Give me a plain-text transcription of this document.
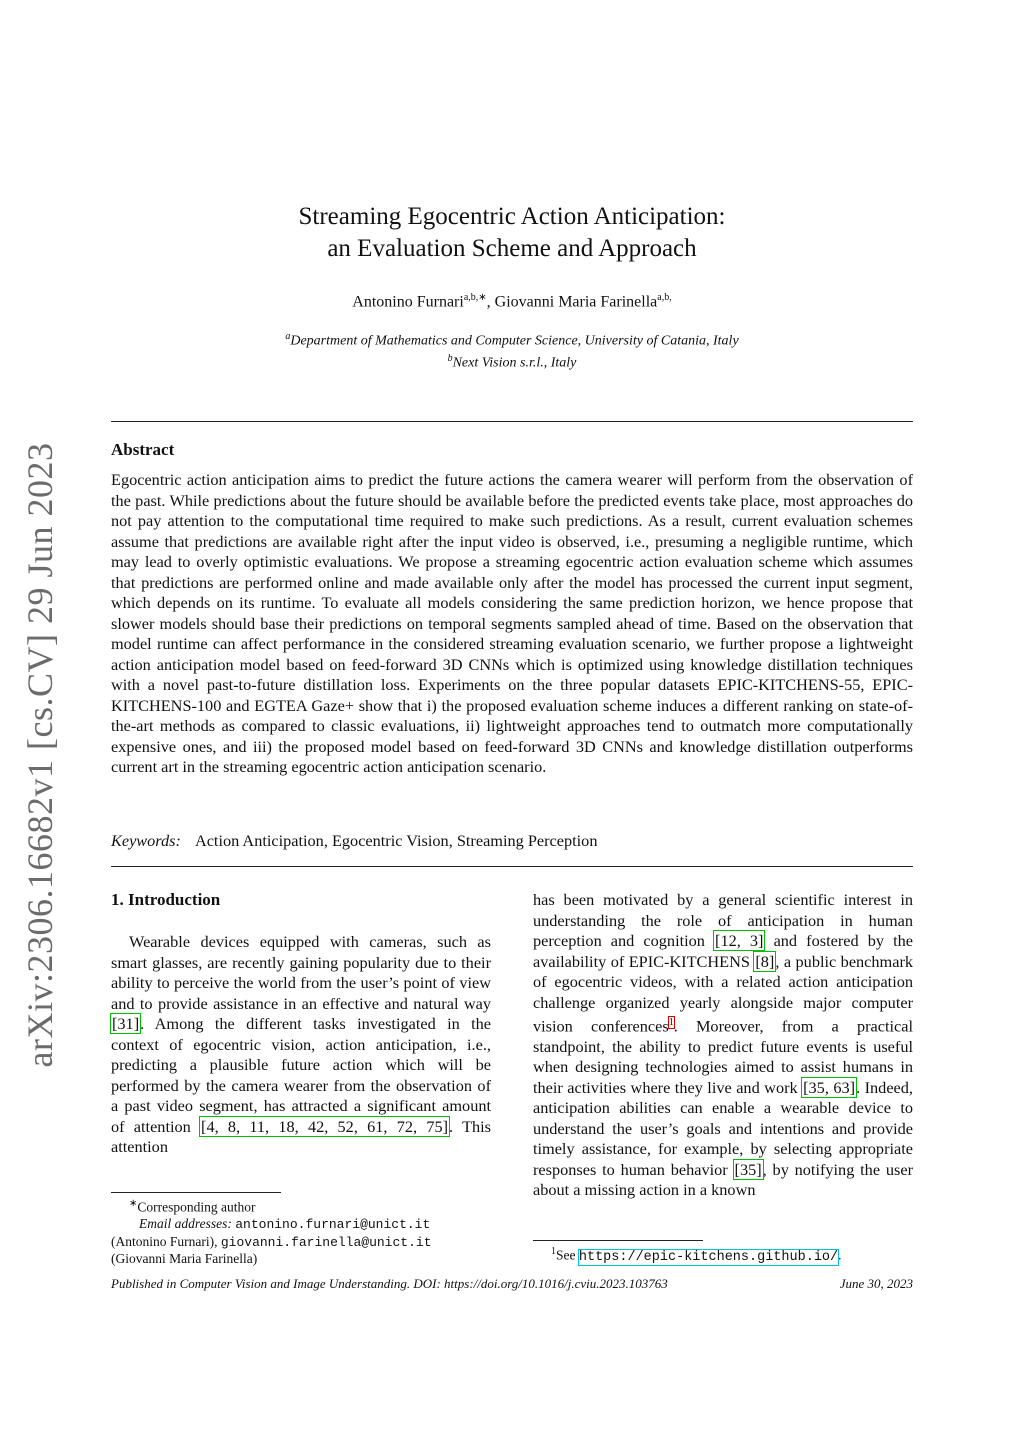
arXiv:2306.16682v1 [cs.CV] 29 Jun 2023
Streaming Egocentric Action Anticipation:
an Evaluation Scheme and Approach
Antonino Furnari$^{a,b,∗}$, Giovanni Maria Farinella$^{a,b,}$
$^a$Department of Mathematics and Computer Science, University of Catania, Italy
$^b$Next Vision s.r.l., Italy
Abstract
Egocentric action anticipation aims to predict the future actions the camera wearer will perform from the observation of the past. While predictions about the future should be available before the predicted events take place, most approaches do not pay attention to the computational time required to make such predictions. As a result, current evaluation schemes assume that predictions are available right after the input video is observed, i.e., presuming a negligible runtime, which may lead to overly optimistic evaluations. We propose a streaming egocentric action evaluation scheme which assumes that predictions are performed online and made available only after the model has processed the current input segment, which depends on its runtime. To evaluate all models considering the same prediction horizon, we hence propose that slower models should base their predictions on temporal segments sampled ahead of time. Based on the observation that model runtime can affect performance in the considered streaming evaluation scenario, we further propose a lightweight action anticipation model based on feed-forward 3D CNNs which is optimized using knowledge distillation techniques with a novel past-to-future distillation loss. Experiments on the three popular datasets EPIC-KITCHENS-55, EPIC-KITCHENS-100 and EGTEA Gaze+ show that i) the proposed evaluation scheme induces a different ranking on state-of-the-art methods as compared to classic evaluations, ii) lightweight approaches tend to outmatch more computationally expensive ones, and iii) the proposed model based on feed-forward 3D CNNs and knowledge distillation outperforms current art in the streaming egocentric action anticipation scenario.
Keywords: Action Anticipation, Egocentric Vision, Streaming Perception
1. Introduction
Wearable devices equipped with cameras, such as smart glasses, are recently gaining popularity due to their ability to perceive the world from the user’s point of view and to provide assistance in an effective and natural way [31]. Among the different tasks investigated in the context of egocentric vision, action anticipation, i.e., predicting a plausible future action which will be performed by the camera wearer from the observation of a past video segment, has attracted a significant amount of attention [4, 8, 11, 18, 42, 52, 61, 72, 75]. This attention
has been motivated by a general scientific interest in understanding the role of anticipation in human perception and cognition [12, 3] and fostered by the availability of EPIC-KITCHENS [8], a public benchmark of egocentric videos, with a related action anticipation challenge organized yearly alongside major computer vision conferences$^1$. Moreover, from a practical standpoint, the ability to predict future events is useful when designing technologies aimed to assist humans in their activities where they live and work [35, 63]. Indeed, anticipation abilities can enable a wearable device to understand the user’s goals and intentions and provide timely assistance, for example, by selecting appropriate responses to human behavior [35], by notifying the user about a missing action in a known
∗Corresponding author
Email addresses: antonino.furnari@unict.it
(Antonino Furnari), giovanni.farinella@unict.it
(Giovanni Maria Farinella)	$^1$See https://epic-kitchens.github.io/.
Published in Computer Vision and Image Understanding. DOI: https://doi.org/10.1016/j.cviu.2023.103763	June 30, 2023
